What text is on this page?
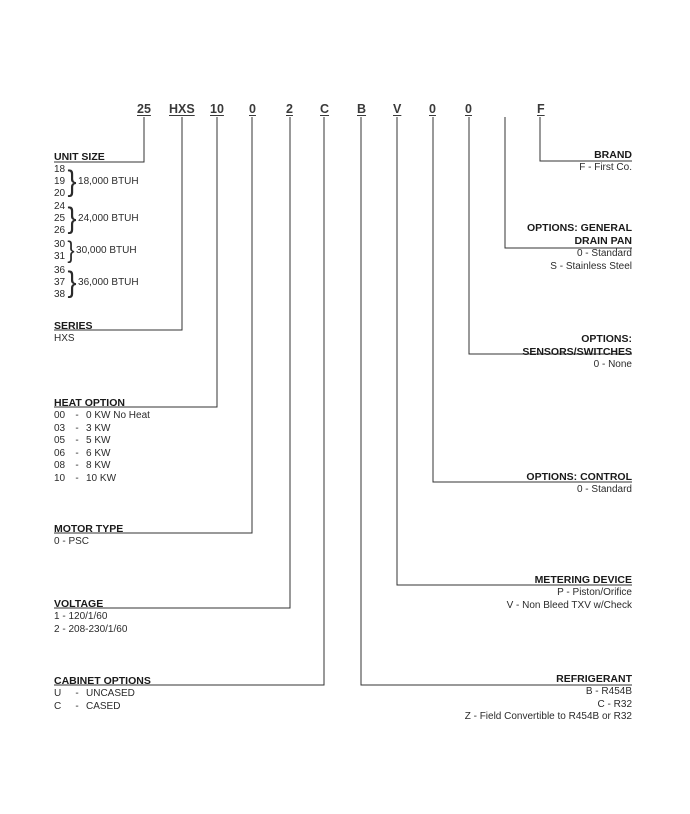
25 HXS 10 0 2 C B V 0 0	F
UNIT SIZE
18
19
20 } 18,000 BTUH
24
25
26 } 24,000 BTUH
30
31 }30,000 BTUH
36
37
38 } 36,000 BTUH
SERIES
HXS
HEAT OPTION
00 - 0 KW No Heat
03 - 3 KW
05 - 5 KW
06 - 6 KW
08 - 8 KW
10 - 10 KW
MOTOR TYPE
0 - PSC
VOLTAGE
1 - 120/1/60
2 - 208-230/1/60
CABINET OPTIONS
U - UNCASED
C - CASED
BRAND
F - First Co.
OPTIONS: GENERAL
DRAIN PAN
0 - Standard
S - Stainless Steel
OPTIONS:
SENSORS/SWITCHES
0 - None
OPTIONS: CONTROL
0 - Standard
METERING DEVICE
P - Piston/Orifice
V - Non Bleed TXV w/Check
REFRIGERANT
B - R454B
C - R32
Z - Field Convertible to R454B or R32
